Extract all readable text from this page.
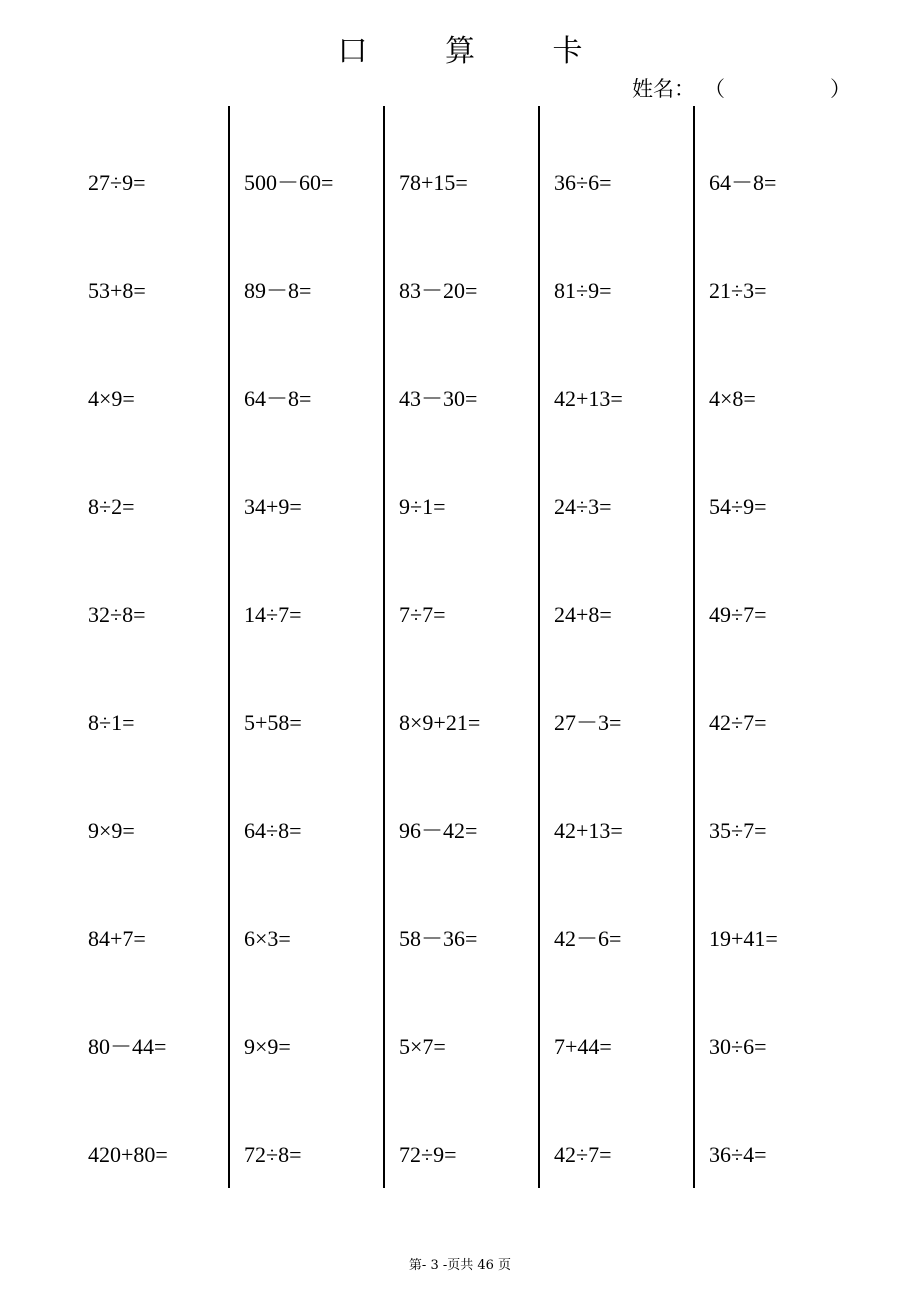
口 算 卡
姓名： （	）
27÷9=
53+8=
4×9=
8÷2=
32÷8=
8÷1=
9×9=
84+7=
80－44=
420+80=
500－60=
89－8=
64－8=
34+9=
14÷7=
5+58=
64÷8=
6×3=
9×9=
72÷8=
78+15=
83－20=
43－30=
9÷1=
7÷7=
8×9+21=
96－42=
58－36=
5×7=
72÷9=
36÷6=
81÷9=
42+13=
24÷3=
24+8=
27－3=
42+13=
42－6=
7+44=
42÷7=
64－8=
21÷3=
4×8=
54÷9=
49÷7=
42÷7=
35÷7=
19+41=
30÷6=
36÷4=
第- 3 -页共 46 页
